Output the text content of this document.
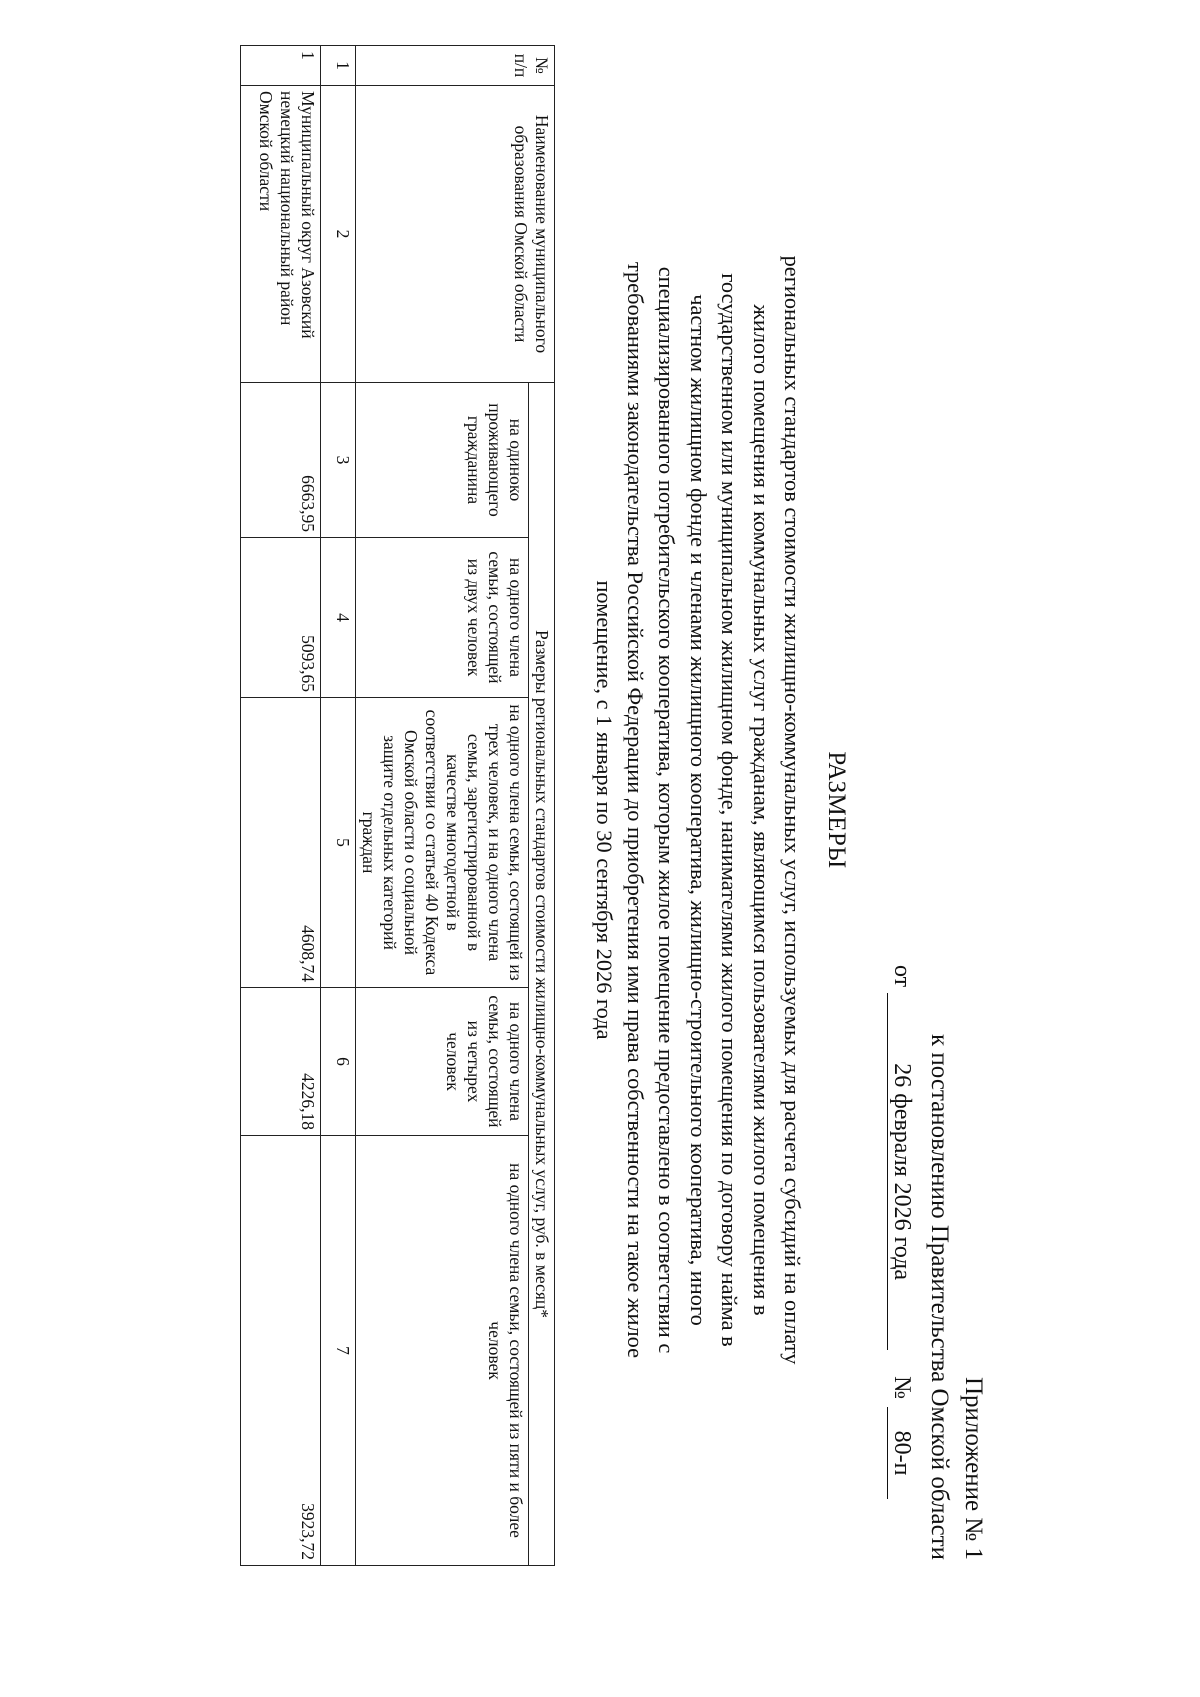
Приложение № 1
к постановлению Правительства Омской области
от26 февраля 2026 года№80-п
РАЗМЕРЫ
региональных стандартов стоимости жилищно-коммунальных услуг, используемых для расчета субсидий на оплату
жилого помещения и коммунальных услуг гражданам, являющимся пользователями жилого помещения в
государственном или муниципальном жилищном фонде, нанимателями жилого помещения по договору найма в
частном жилищном фонде и членами жилищного кооператива, жилищно-строительного кооператива, иного
специализированного потребительского кооператива, которым жилое помещение предоставлено в соответствии с
требованиями законодательства Российской Федерации до приобретения ими права собственности на такое жилое
помещение, с 1 января по 30 сентября 2026 года
№ п/п	Наименование муниципального образования Омской области	Размеры региональных стандартов стоимости жилищно-коммунальных услуг, руб. в месяц*				
		на одиноко проживающего гражданина	на одного члена семьи, состоящей из двух человек	на одного члена семьи, состоящей из трех человек, и на одного члена семьи, зарегистрированной в качестве многодетной в соответствии со статьей 40 Кодекса Омской области о социальной защите отдельных категорий граждан	на одного члена семьи, состоящей из четырех человек	на одного члена семьи, состоящей из пяти и более человек
1	2	3	4	5	6	7
1	Муниципальный округ Азовский немецкий национальный район Омской области	6663,95	5093,65	4608,74	4226,18	3923,72
